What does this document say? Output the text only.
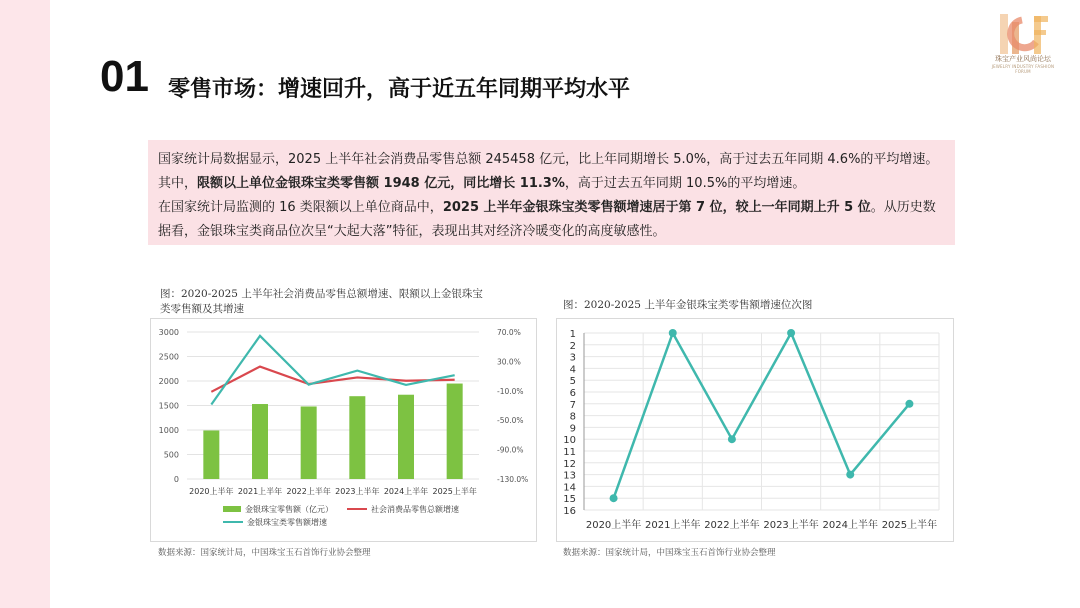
珠宝产业风尚论坛
JEWELRY INDUSTRY FASHION FORUM
01 零售市场：增速回升，高于近五年同期平均水平
国家统计局数据显示，2025 上半年社会消费品零售总额 245458 亿元，比上年同期增长 5.0%，高于过去五年同期 4.6%的平均增速。
其中，限额以上单位金银珠宝类零售额 1948 亿元，同比增长 11.3%，高于过去五年同期 10.5%的平均增速。
在国家统计局监测的 16 类限额以上单位商品中，2025 上半年金银珠宝类零售额增速居于第 7 位，较上一年同期上升 5 位。从历史数据看，金银珠宝类商品位次呈“大起大落”特征，表现出其对经济冷暖变化的高度敏感性。
图：2020-2025 上半年社会消费品零售总额增速、限额以上金银珠宝
类零售额及其增速	图：2020-2025 上半年金银珠宝类零售额增速位次图
0
500
1000
1500
2000
2500
3000
-130.0%
-90.0%
-50.0%
-10.0%
30.0%
70.0%
2020上半年 2021上半年 2022上半年 2023上半年 2024上半年 2025上半年
金银珠宝零售额（亿元）	社会消费品零售总额增速
金银珠宝类零售额增速
1
2
3
4
5
6
7
8
9
10
11
12
13
14
15
16
2020上半年 2021上半年 2022上半年 2023上半年 2024上半年 2025上半年
数据来源：国家统计局，中国珠宝玉石首饰行业协会整理	数据来源：国家统计局，中国珠宝玉石首饰行业协会整理
